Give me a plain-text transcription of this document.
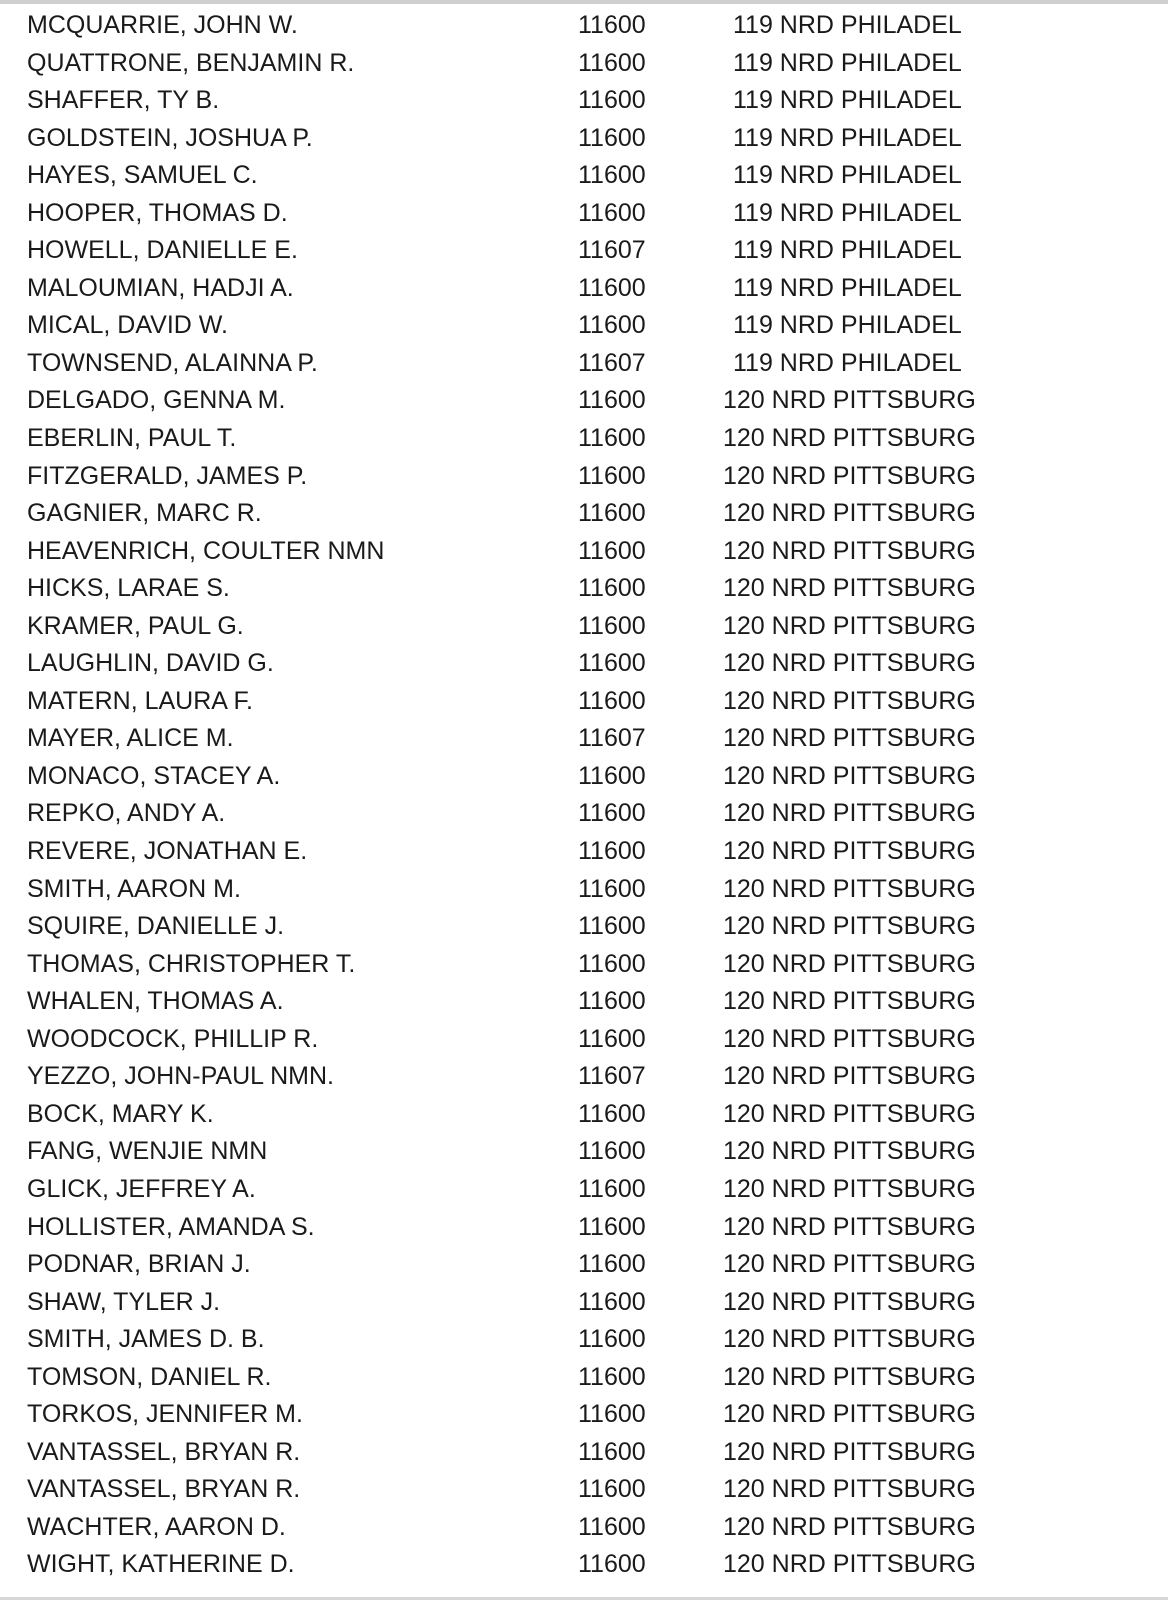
MCQUARRIE, JOHN W.	11600	119 NRD PHILADEL
QUATTRONE, BENJAMIN R.	11600	119 NRD PHILADEL
SHAFFER, TY B.	11600	119 NRD PHILADEL
GOLDSTEIN, JOSHUA P.	11600	119 NRD PHILADEL
HAYES, SAMUEL C.	11600	119 NRD PHILADEL
HOOPER, THOMAS D.	11600	119 NRD PHILADEL
HOWELL, DANIELLE E.	11607	119 NRD PHILADEL
MALOUMIAN, HADJI A.	11600	119 NRD PHILADEL
MICAL, DAVID W.	11600	119 NRD PHILADEL
TOWNSEND, ALAINNA P.	11607	119 NRD PHILADEL
DELGADO, GENNA M.	11600	120 NRD PITTSBURG
EBERLIN, PAUL T.	11600	120 NRD PITTSBURG
FITZGERALD, JAMES P.	11600	120 NRD PITTSBURG
GAGNIER, MARC R.	11600	120 NRD PITTSBURG
HEAVENRICH, COULTER NMN	11600	120 NRD PITTSBURG
HICKS, LARAE S.	11600	120 NRD PITTSBURG
KRAMER, PAUL G.	11600	120 NRD PITTSBURG
LAUGHLIN, DAVID G.	11600	120 NRD PITTSBURG
MATERN, LAURA F.	11600	120 NRD PITTSBURG
MAYER, ALICE M.	11607	120 NRD PITTSBURG
MONACO, STACEY A.	11600	120 NRD PITTSBURG
REPKO, ANDY A.	11600	120 NRD PITTSBURG
REVERE, JONATHAN E.	11600	120 NRD PITTSBURG
SMITH, AARON M.	11600	120 NRD PITTSBURG
SQUIRE, DANIELLE J.	11600	120 NRD PITTSBURG
THOMAS, CHRISTOPHER T.	11600	120 NRD PITTSBURG
WHALEN, THOMAS A.	11600	120 NRD PITTSBURG
WOODCOCK, PHILLIP R.	11600	120 NRD PITTSBURG
YEZZO, JOHN-PAUL NMN.	11607	120 NRD PITTSBURG
BOCK, MARY K.	11600	120 NRD PITTSBURG
FANG, WENJIE NMN	11600	120 NRD PITTSBURG
GLICK, JEFFREY A.	11600	120 NRD PITTSBURG
HOLLISTER, AMANDA S.	11600	120 NRD PITTSBURG
PODNAR, BRIAN J.	11600	120 NRD PITTSBURG
SHAW, TYLER J.	11600	120 NRD PITTSBURG
SMITH, JAMES D. B.	11600	120 NRD PITTSBURG
TOMSON, DANIEL R.	11600	120 NRD PITTSBURG
TORKOS, JENNIFER M.	11600	120 NRD PITTSBURG
VANTASSEL, BRYAN R.	11600	120 NRD PITTSBURG
VANTASSEL, BRYAN R.	11600	120 NRD PITTSBURG
WACHTER, AARON D.	11600	120 NRD PITTSBURG
WIGHT, KATHERINE D.	11600	120 NRD PITTSBURG
